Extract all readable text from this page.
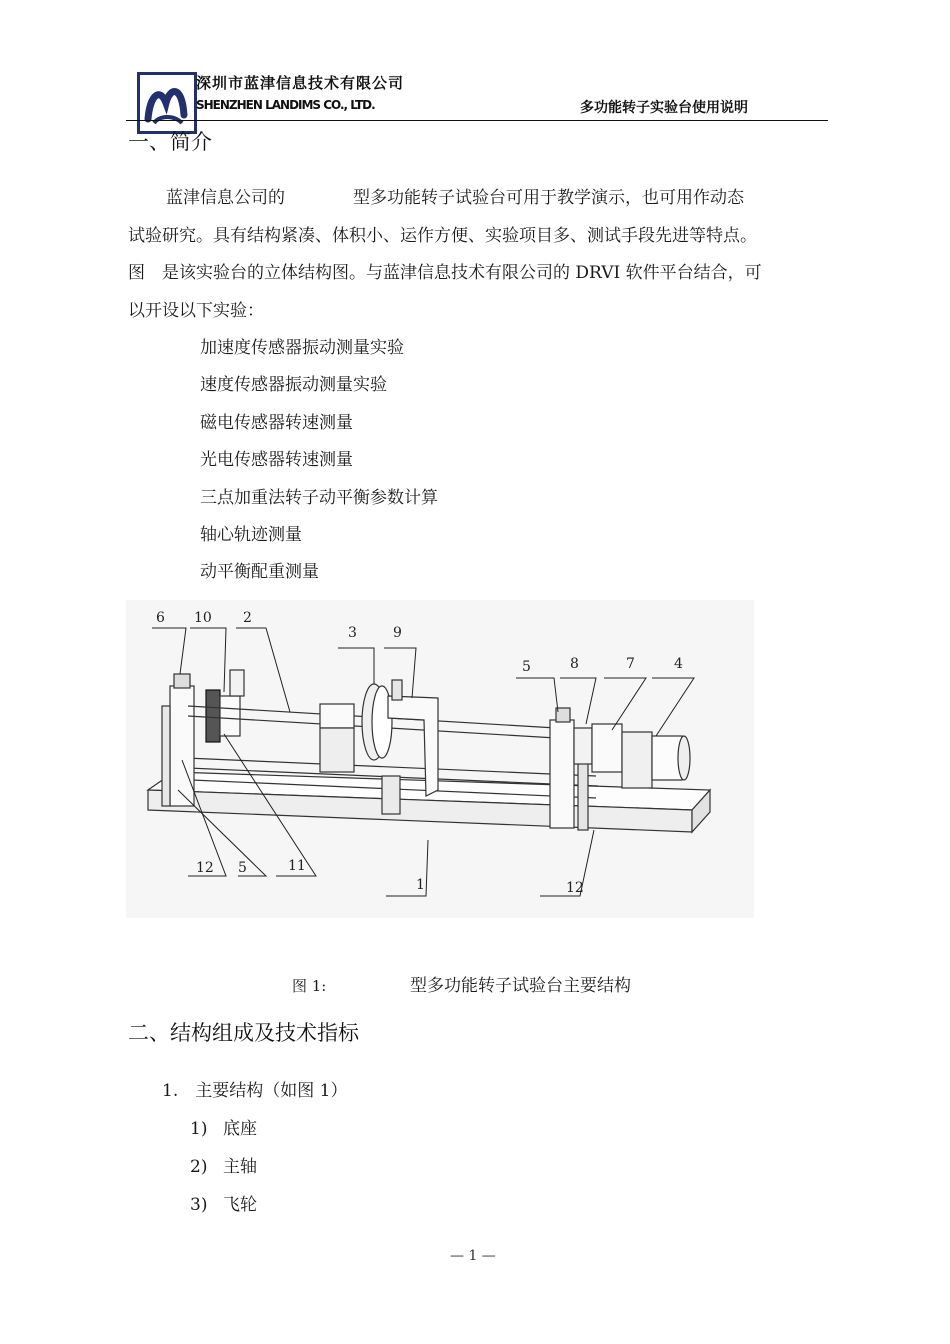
深圳市蓝津信息技术有限公司
SHENZHEN LANDIMS CO., LTD.	多功能转子实验台使用说明
一、简介
蓝津信息公司的　　　　型多功能转子试验台可用于教学演示，也可用作动态
试验研究。具有结构紧凑、体积小、运作方便、实验项目多、测试手段先进等特点。
图　是该实验台的立体结构图。与蓝津信息技术有限公司的 DRVI 软件平台结合，可
以开设以下实验：
加速度传感器振动测量实验
速度传感器振动测量实验
磁电传感器转速测量
光电传感器转速测量
三点加重法转子动平衡参数计算
轴心轨迹测量
动平衡配重测量
6 10 2
3	9
5	8	7	4
12 5	11
1	12
图 1:	型多功能转子试验台主要结构
二、结构组成及技术指标
1.　主要结构（如图 1）
1) 底座
2) 主轴
3) 飞轮
— 1 —
